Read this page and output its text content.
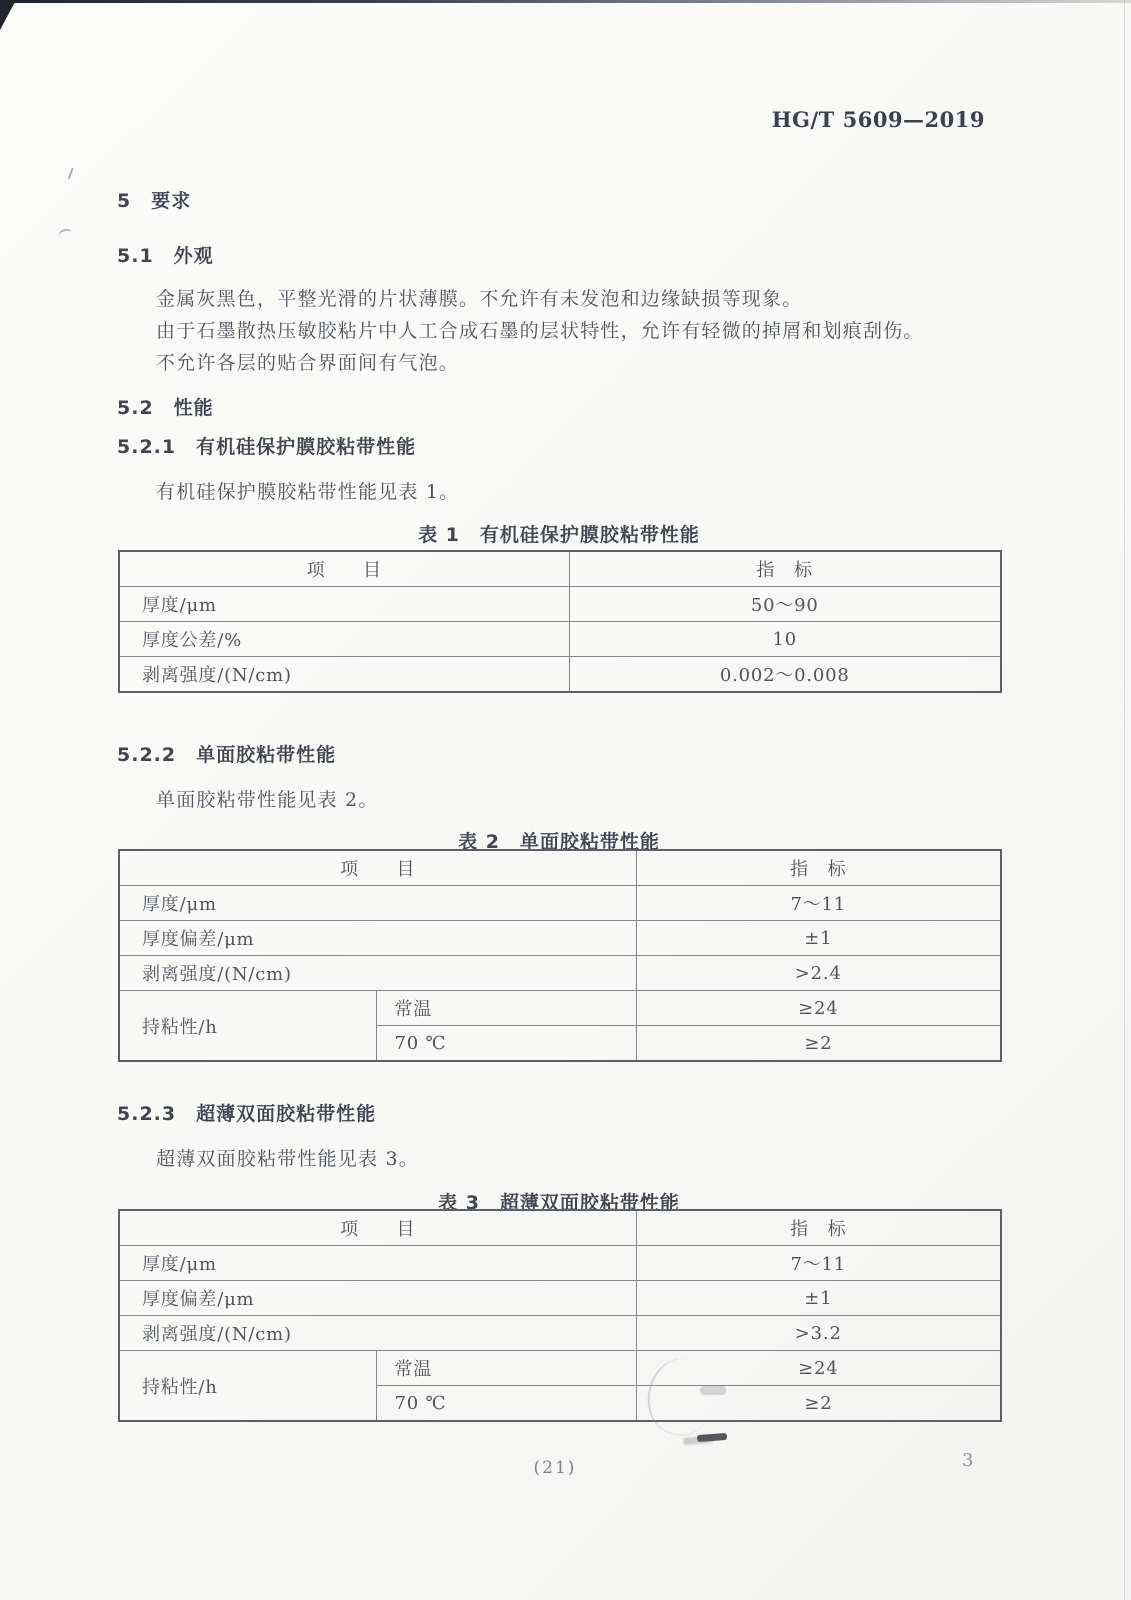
HG/T 5609—2019
5　要求
5.1　外观
金属灰黑色，平整光滑的片状薄膜。不允许有未发泡和边缘缺损等现象。
由于石墨散热压敏胶粘片中人工合成石墨的层状特性，允许有轻微的掉屑和划痕刮伤。
不允许各层的贴合界面间有气泡。
5.2　性能
5.2.1　有机硅保护膜胶粘带性能
有机硅保护膜胶粘带性能见表 1。
表 1　有机硅保护膜胶粘带性能
项　　目	指　标
厚度/μm	50～90
厚度公差/%	10
剥离强度/(N/cm)	0.002～0.008
5.2.2　单面胶粘带性能
单面胶粘带性能见表 2。
表 2　单面胶粘带性能
项　　目		指　标
厚度/μm		7～11
厚度偏差/μm		±1
剥离强度/(N/cm)		>2.4
持粘性/h	常温	≥24
	70 ℃	≥2
5.2.3　超薄双面胶粘带性能
超薄双面胶粘带性能见表 3。
表 3　超薄双面胶粘带性能
项　　目		指　标
厚度/μm		7～11
厚度偏差/μm		±1
剥离强度/(N/cm)		>3.2
持粘性/h	常温	≥24
	70 ℃	≥2
(21)	3
